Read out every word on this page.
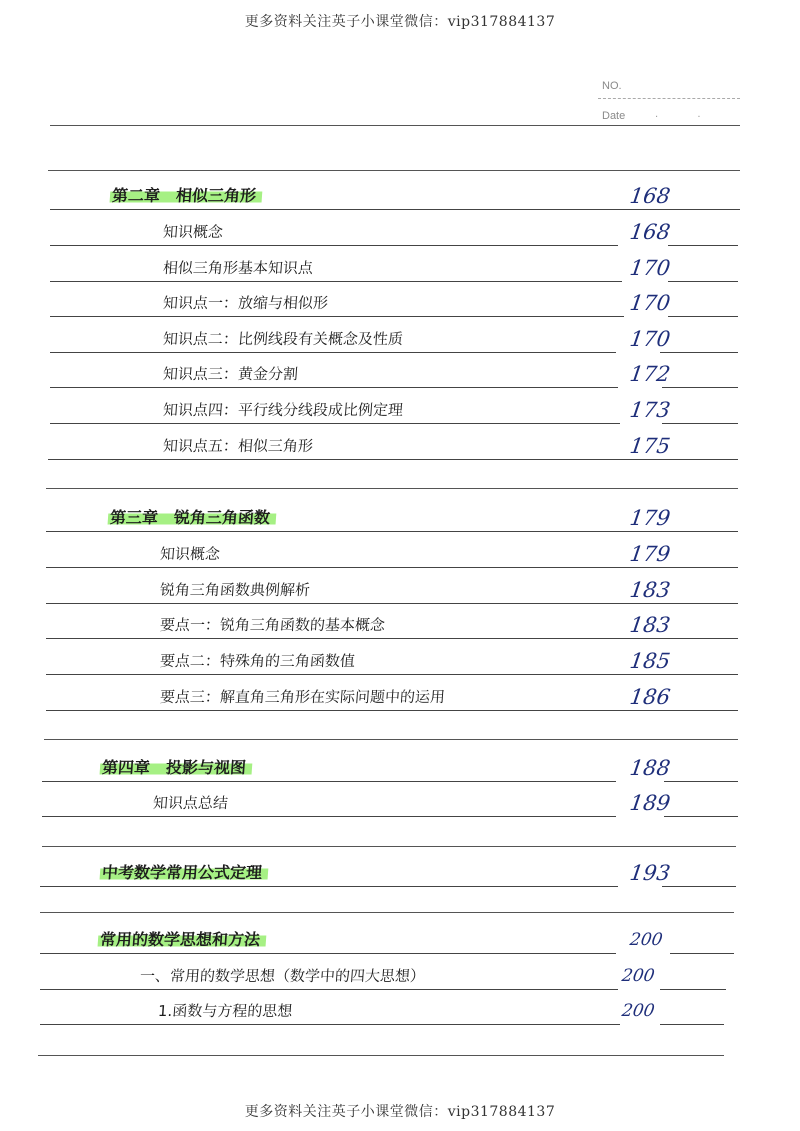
更多资料关注英子小课堂微信：vip317884137
NO.
Date	· ·
第二章　相似三角形	168
知识概念	168
相似三角形基本知识点	170
知识点一：放缩与相似形	170
知识点二：比例线段有关概念及性质	170
知识点三：黄金分割	172
知识点四：平行线分线段成比例定理	173
知识点五：相似三角形	175
第三章　锐角三角函数	179
知识概念	179
锐角三角函数典例解析	183
要点一：锐角三角函数的基本概念	183
要点二：特殊角的三角函数值	185
要点三：解直角三角形在实际问题中的运用	186
第四章　投影与视图	188
知识点总结	189
中考数学常用公式定理	193
常用的数学思想和方法	200
一、常用的数学思想（数学中的四大思想）	200
1.函数与方程的思想	200
更多资料关注英子小课堂微信：vip317884137
